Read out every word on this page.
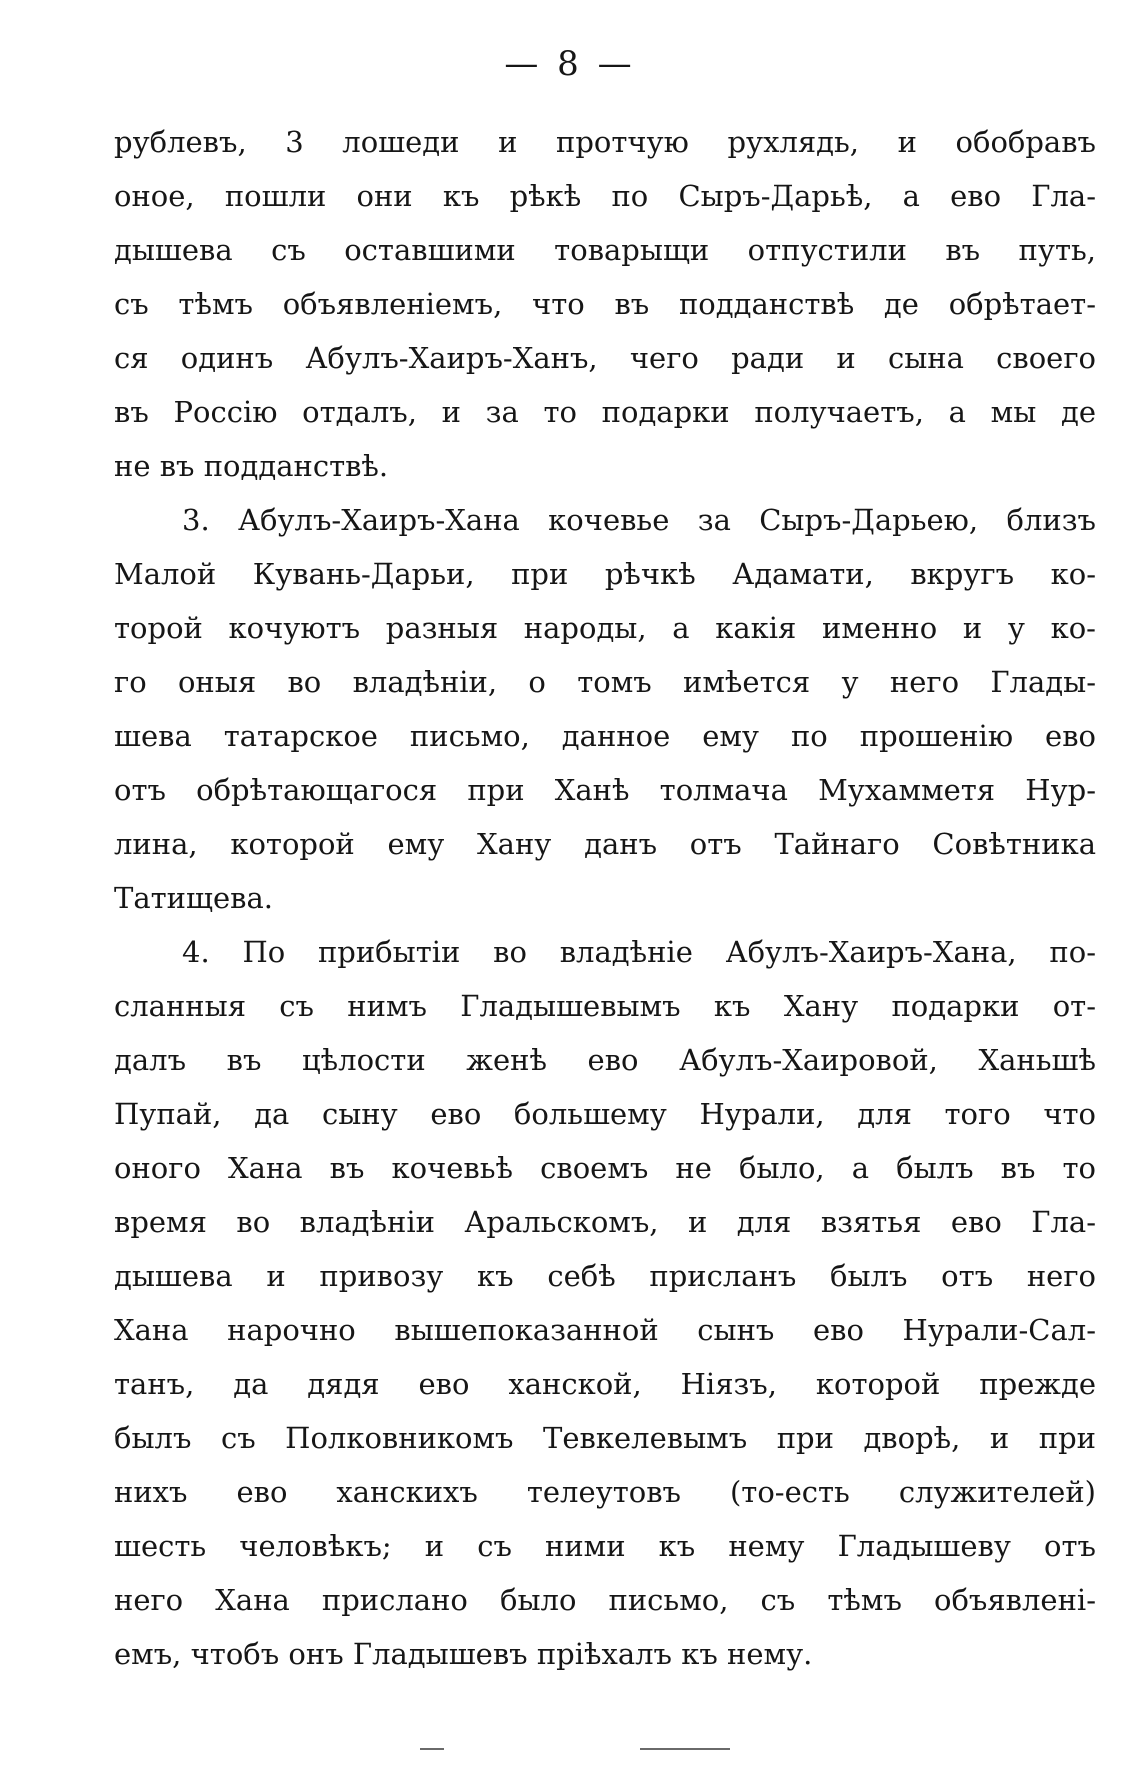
— 8 —
рублевъ, 3 лошеди и протчую рухлядь, и обобравъ
оное, пошли они къ рѣкѣ по Сыръ-Дарьѣ, а ево Гла-
дышева съ оставшими товарыщи отпустили въ путь,
съ тѣмъ объявленіемъ, что въ подданствѣ де обрѣтает-
ся одинъ Абулъ-Хаиръ-Ханъ, чего ради и сына своего
въ Россію отдалъ, и за то подарки получаетъ, а мы де
не въ подданствѣ.
3. Абулъ-Хаиръ-Хана кочевье за Сыръ-Дарьею, близъ
Малой Кувань-Дарьи, при рѣчкѣ Адамати, вкругъ ко-
торой кочуютъ разныя народы, а какія именно и у ко-
го оныя во владѣніи, о томъ имѣется у него Глады-
шева татарское письмо, данное ему по прошенію ево
отъ обрѣтающагося при Ханѣ толмача Мухамметя Нур-
лина, которой ему Хану данъ отъ Тайнаго Совѣтника
Татищева.
4. По прибытіи во владѣніе Абулъ-Хаиръ-Хана, по-
сланныя съ нимъ Гладышевымъ къ Хану подарки от-
далъ въ цѣлости женѣ ево Абулъ-Хаировой, Ханьшѣ
Пупай, да сыну ево большему Нурали, для того что
оного Хана въ кочевьѣ своемъ не было, а былъ въ то
время во владѣніи Аральскомъ, и для взятья ево Гла-
дышева и привозу къ себѣ присланъ былъ отъ него
Хана нарочно вышепоказанной сынъ ево Нурали-Сал-
танъ, да дядя ево ханской, Ніязъ, которой прежде
былъ съ Полковникомъ Тевкелевымъ при дворѣ, и при
нихъ ево ханскихъ телеутовъ (то-есть служителей)
шесть человѣкъ; и съ ними къ нему Гладышеву отъ
него Хана прислано было письмо, съ тѣмъ объявлені-
емъ, чтобъ онъ Гладышевъ пріѣхалъ къ нему.
